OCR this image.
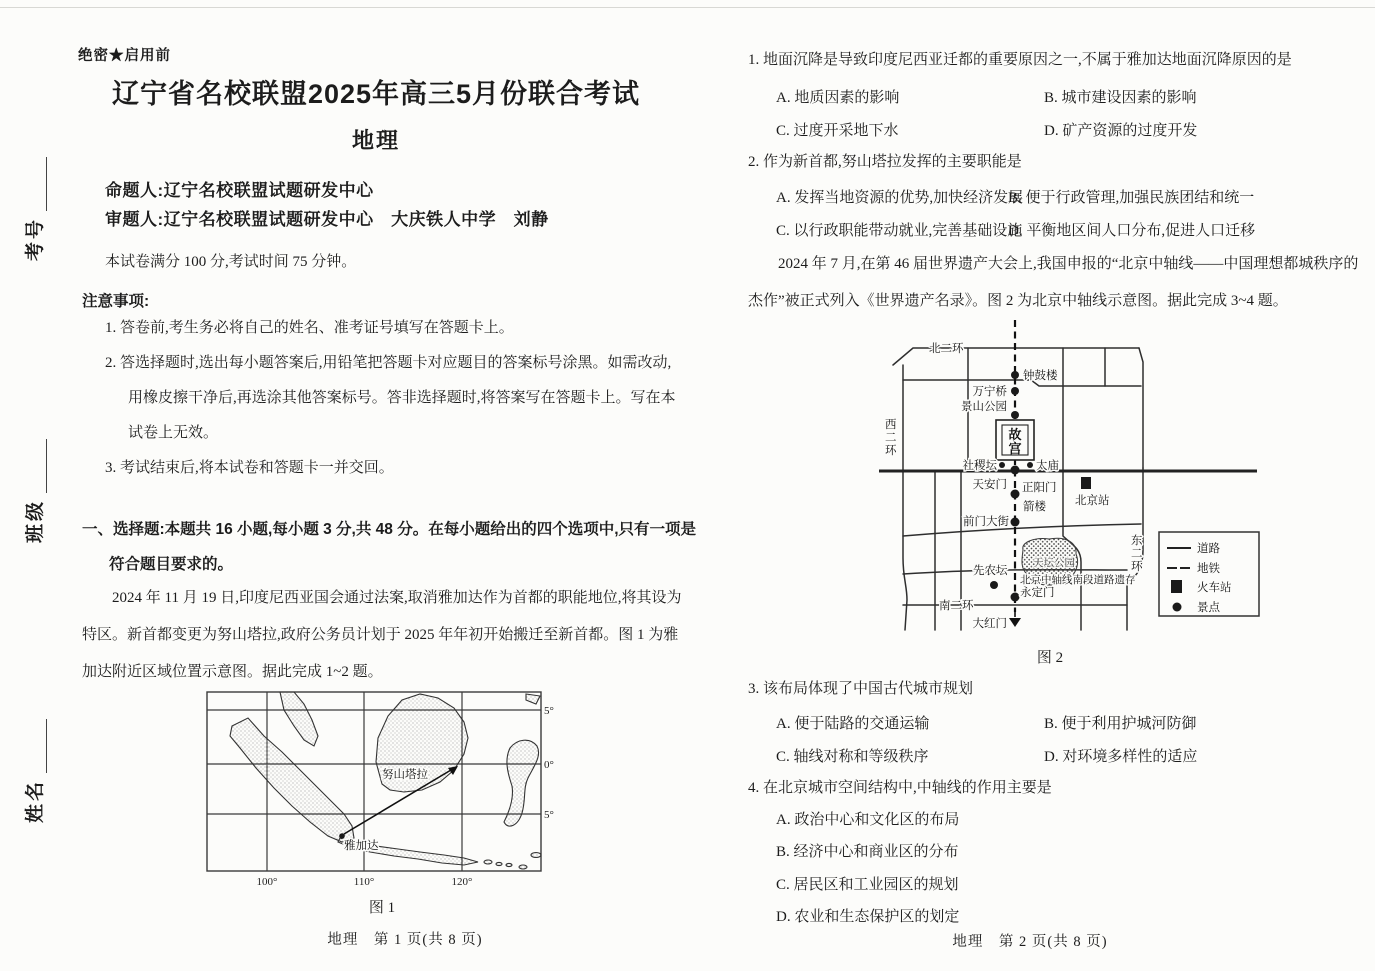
考号
班级
姓名
绝密★启用前
辽宁省名校联盟2025年高三5月份联合考试
地理
命题人:辽宁名校联盟试题研发中心
审题人:辽宁名校联盟试题研发中心　大庆铁人中学　刘静
本试卷满分 100 分,考试时间 75 分钟。
注意事项:
1. 答卷前,考生务必将自己的姓名、准考证号填写在答题卡上。
2. 答选择题时,选出每小题答案后,用铅笔把答题卡对应题目的答案标号涂黑。如需改动,用橡皮擦干净后,再选涂其他答案标号。答非选择题时,将答案写在答题卡上。写在本试卷上无效。
3. 考试结束后,将本试卷和答题卡一并交回。
一、选择题:本题共 16 小题,每小题 3 分,共 48 分。在每小题给出的四个选项中,只有一项是符合题目要求的。
2024 年 11 月 19 日,印度尼西亚国会通过法案,取消雅加达作为首都的职能地位,将其设为特区。新首都变更为努山塔拉,政府公务员计划于 2025 年年初开始搬迁至新首都。图 1 为雅加达附近区域位置示意图。据此完成 1~2 题。
努山塔拉
雅加达
100°	110°	120°
5°
0°
5°
图 1
地理　第 1 页(共 8 页)
1. 地面沉降是导致印度尼西亚迁都的重要原因之一,不属于雅加达地面沉降原因的是
A. 地质因素的影响	B. 城市建设因素的影响
C. 过度开采地下水	D. 矿产资源的过度开发
2. 作为新首都,努山塔拉发挥的主要职能是
A. 发挥当地资源的优势,加快经济发展
B. 便于行政管理,加强民族团结和统一
C. 以行政职能带动就业,完善基础设施
D. 平衡地区间人口分布,促进人口迁移
2024 年 7 月,在第 46 届世界遗产大会上,我国申报的“北京中轴线——中国理想都城秩序的杰作”被正式列入《世界遗产名录》。图 2 为北京中轴线示意图。据此完成 3~4 题。
天坛公园
故
宫
北二环
南二环
西
二
环
东
二
环
钟鼓楼
万宁桥
景山公园
社稷坛	太庙
天安门 正阳门
箭楼	北京站
前门大街
先农坛
北京中轴线南段道路遗存
永定门
大红门
道路
地铁
火车站
景点
图 2
3. 该布局体现了中国古代城市规划
A. 便于陆路的交通运输	B. 便于利用护城河防御
C. 轴线对称和等级秩序	D. 对环境多样性的适应
4. 在北京城市空间结构中,中轴线的作用主要是
A. 政治中心和文化区的布局
B. 经济中心和商业区的分布
C. 居民区和工业园区的规划
D. 农业和生态保护区的划定
地理　第 2 页(共 8 页)
